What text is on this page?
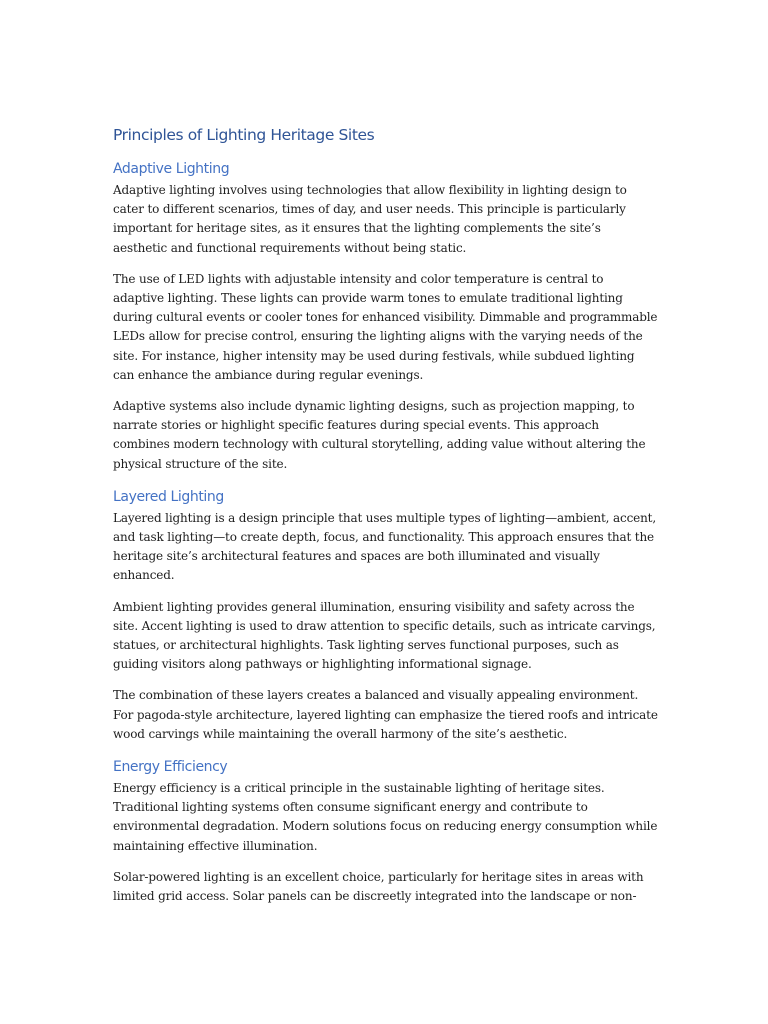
Principles of Lighting Heritage Sites
Adaptive Lighting

Adaptive lighting involves using technologies that allow flexibility in lighting design to cater to different scenarios, times of day, and user needs. This principle is particularly important for heritage sites, as it ensures that the lighting complements the site’s aesthetic and functional requirements without being static.

The use of LED lights with adjustable intensity and color temperature is central to adaptive lighting. These lights can provide warm tones to emulate traditional lighting during cultural events or cooler tones for enhanced visibility. Dimmable and programmable LEDs allow for precise control, ensuring the lighting aligns with the varying needs of the site. For instance, higher intensity may be used during festivals, while subdued lighting can enhance the ambiance during regular evenings.

Adaptive systems also include dynamic lighting designs, such as projection mapping, to narrate stories or highlight specific features during special events. This approach combines modern technology with cultural storytelling, adding value without altering the physical structure of the site.

Layered Lighting

Layered lighting is a design principle that uses multiple types of lighting—ambient, accent, and task lighting—to create depth, focus, and functionality. This approach ensures that the heritage site’s architectural features and spaces are both illuminated and visually enhanced.

Ambient lighting provides general illumination, ensuring visibility and safety across the site. Accent lighting is used to draw attention to specific details, such as intricate carvings, statues, or architectural highlights. Task lighting serves functional purposes, such as guiding visitors along pathways or highlighting informational signage.

The combination of these layers creates a balanced and visually appealing environment. For pagoda-style architecture, layered lighting can emphasize the tiered roofs and intricate wood carvings while maintaining the overall harmony of the site’s aesthetic.

Energy Efficiency

Energy efficiency is a critical principle in the sustainable lighting of heritage sites. Traditional lighting systems often consume significant energy and contribute to environmental degradation. Modern solutions focus on reducing energy consumption while maintaining effective illumination.

Solar-powered lighting is an excellent choice, particularly for heritage sites in areas with limited grid access. Solar panels can be discreetly integrated into the landscape or non-
